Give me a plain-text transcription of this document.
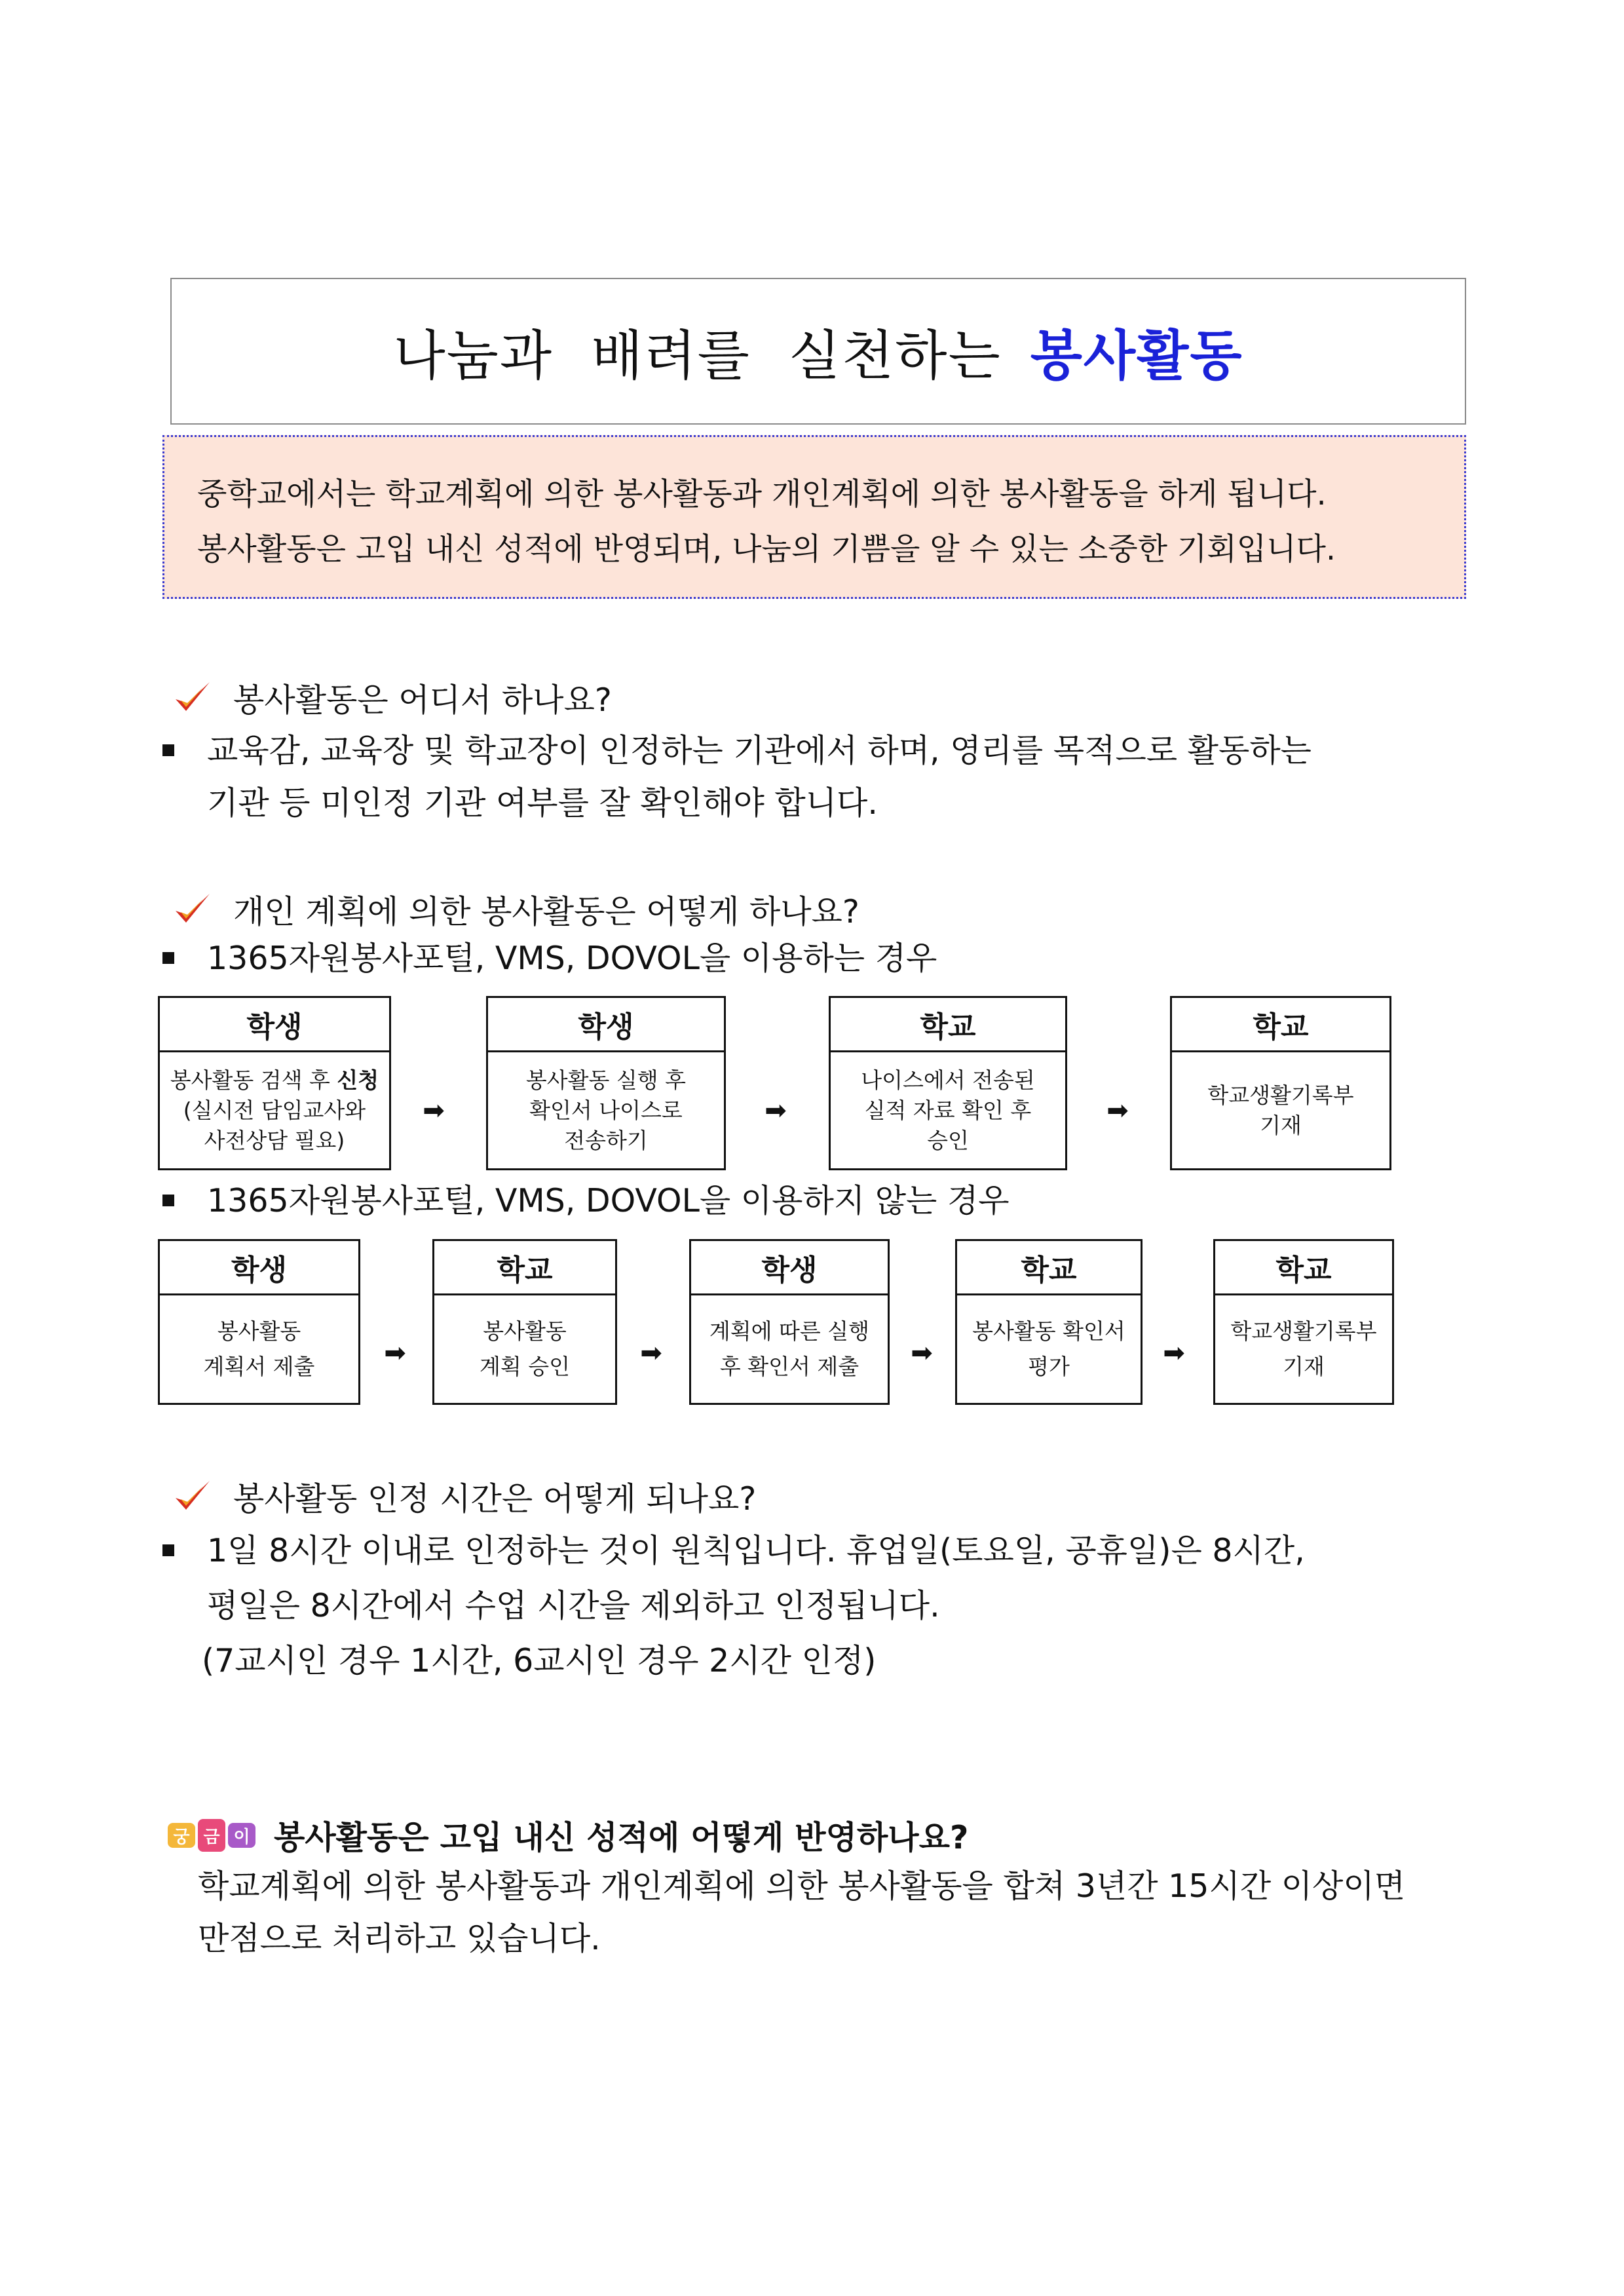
나눔과 배려를 실천하는 봉사활동
중학교에서는 학교계획에 의한 봉사활동과 개인계획에 의한 봉사활동을 하게 됩니다.
봉사활동은 고입 내신 성적에 반영되며, 나눔의 기쁨을 알 수 있는 소중한 기회입니다.
봉사활동은 어디서 하나요?
교육감, 교육장 및 학교장이 인정하는 기관에서 하며, 영리를 목적으로 활동하는
기관 등 미인정 기관 여부를 잘 확인해야 합니다.
개인 계획에 의한 봉사활동은 어떻게 하나요?
1365자원봉사포털, VMS, DOVOL을 이용하는 경우
학생
봉사활동 검색 후 신청
(실시전 담임교사와
사전상담 필요)
➡
학생
봉사활동 실행 후
확인서 나이스로
전송하기
➡
학교
나이스에서 전송된
실적 자료 확인 후
승인
➡
학교
학교생활기록부
기재
1365자원봉사포털, VMS, DOVOL을 이용하지 않는 경우
학생
봉사활동
계획서 제출	➡
학교
봉사활동
계획 승인	➡
학생
계획에 따른 실행
후 확인서 제출	➡
학교
봉사활동 확인서
평가	➡
학교
학교생활기록부
기재
봉사활동 인정 시간은 어떻게 되나요?
1일 8시간 이내로 인정하는 것이 원칙입니다. 휴업일(토요일, 공휴일)은 8시간,
평일은 8시간에서 수업 시간을 제외하고 인정됩니다.
(7교시인 경우 1시간, 6교시인 경우 2시간 인정)
궁 금 이 봉사활동은 고입 내신 성적에 어떻게 반영하나요?
학교계획에 의한 봉사활동과 개인계획에 의한 봉사활동을 합쳐 3년간 15시간 이상이면
만점으로 처리하고 있습니다.
